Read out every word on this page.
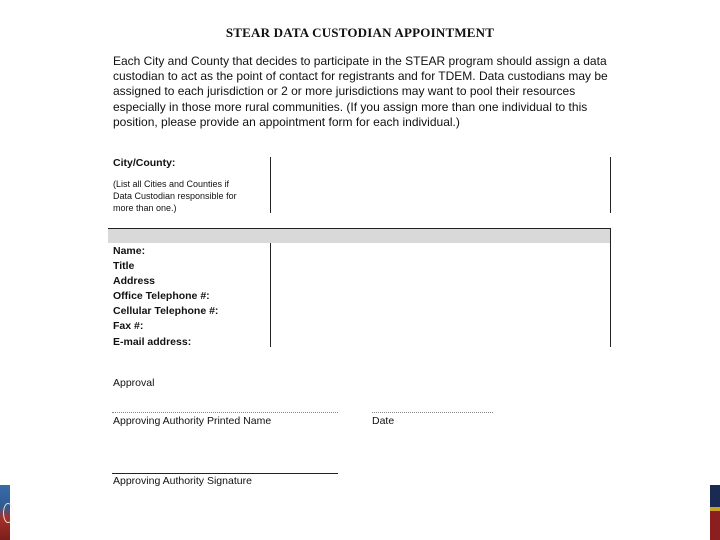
STEAR DATA CUSTODIAN APPOINTMENT

Each City and County that decides to participate in the STEAR program should assign a data custodian to act as the point of contact for registrants and for TDEM. Data custodians may be assigned to each jurisdiction or 2 or more jurisdictions may want to pool their resources especially in those more rural communities. (If you assign more than one individual to this position, please provide an appointment form for each individual.)

City/County:
(List all Cities and Counties if
Data Custodian responsible for
more than one.)
Name:
Title
Address
Office Telephone #:
Cellular Telephone #:
Fax #:
E-mail address:
Approval
Approving Authority Printed Name	Date
Approving Authority Signature
